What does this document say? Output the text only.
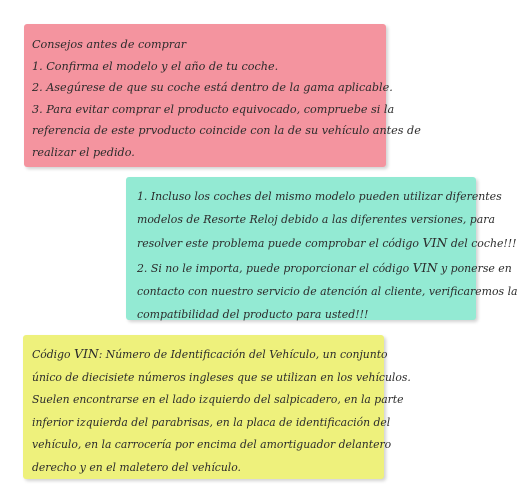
Consejos antes de comprar
1. Confirma el modelo y el año de tu coche.
2. Asegúrese de que su coche está dentro de la gama aplicable.
3. Para evitar comprar el producto equivocado, compruebe si la
referencia de este prvoducto coincide con la de su vehículo antes de
realizar el pedido.
1. Incluso los coches del mismo modelo pueden utilizar diferentes
modelos de Resorte Reloj debido a las diferentes versiones, para
resolver este problema puede comprobar el código VIN del coche!!!
2. Si no le importa, puede proporcionar el código VIN y ponerse en
contacto con nuestro servicio de atención al cliente, verificaremos la
compatibilidad del producto para usted!!!
Código VIN: Número de Identificación del Vehículo, un conjunto
único de diecisiete números ingleses que se utilizan en los vehículos.
Suelen encontrarse en el lado izquierdo del salpicadero, en la parte
inferior izquierda del parabrisas, en la placa de identificación del
vehículo, en la carrocería por encima del amortiguador delantero
derecho y en el maletero del vehículo.
